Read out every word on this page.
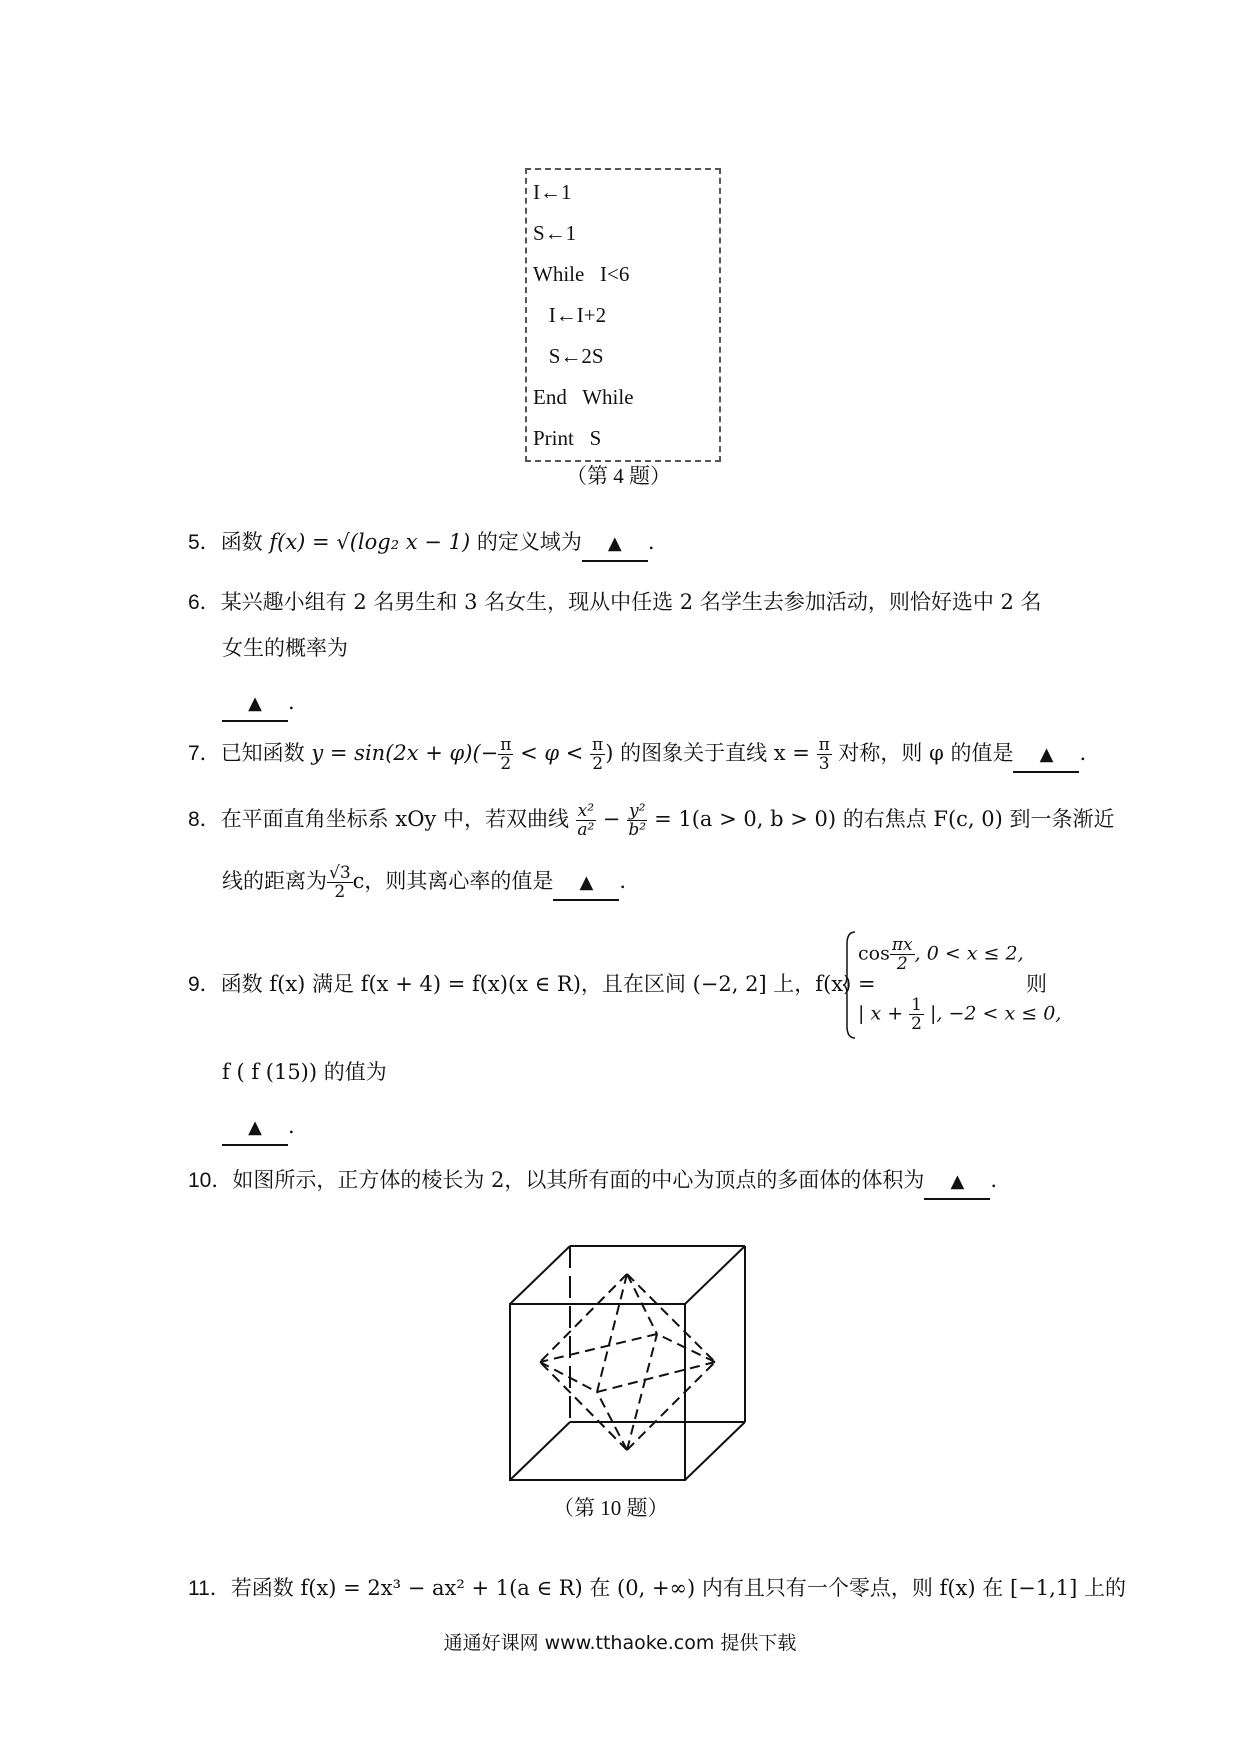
I←1
S←1
While   I<6
I←I+2
S←2S
End   While
Print   S
（第 4 题）
5．函数 f(x) = √(log₂ x − 1) 的定义域为 ▲ .
6．某兴趣小组有 2 名男生和 3 名女生，现从中任选 2 名学生去参加活动，则恰好选中 2 名
女生的概率为
▲ .
7．已知函数 $y = \sin(2x + \varphi)(- \frac{\pi}{2} < \varphi < \frac{\pi}{2}$ ) 的图象关于直线 $x = \frac{\pi}{3}$ 对称，则 φ 的值是 ▲ .
8．在平面直角坐标系 xOy 中，若双曲线 $\frac{\text{x²}}{\text{a²}} - \frac{\text{y²}}{\text{b²}} = 1(a > 0$, b > 0) 的右焦点 F(c, 0) 到一条渐近
线的距离为 $\frac{√3}{2}$ c，则其离心率的值是 ▲ .
9．函数 f(x) 满足 f(x + 4) = f(x)(x ∈ R)，且在区间 (−2, 2] 上，f(x) =
$\cos \frac{\pi x}{2}$ , 0 < x ≤ 2,
| $x + \frac{1}{2}$ |, −2 < x ≤ 0,
则
f ( f (15)) 的值为
▲ .
10．如图所示，正方体的棱长为 2，以其所有面的中心为顶点的多面体的体积为 ▲ .
（第 10 题）
11．若函数 f(x) = 2x³ − ax² + 1(a ∈ R) 在 (0, +∞) 内有且只有一个零点，则 f(x) 在 [−1,1] 上的
通通好课网 www.tthaoke.com 提供下载
